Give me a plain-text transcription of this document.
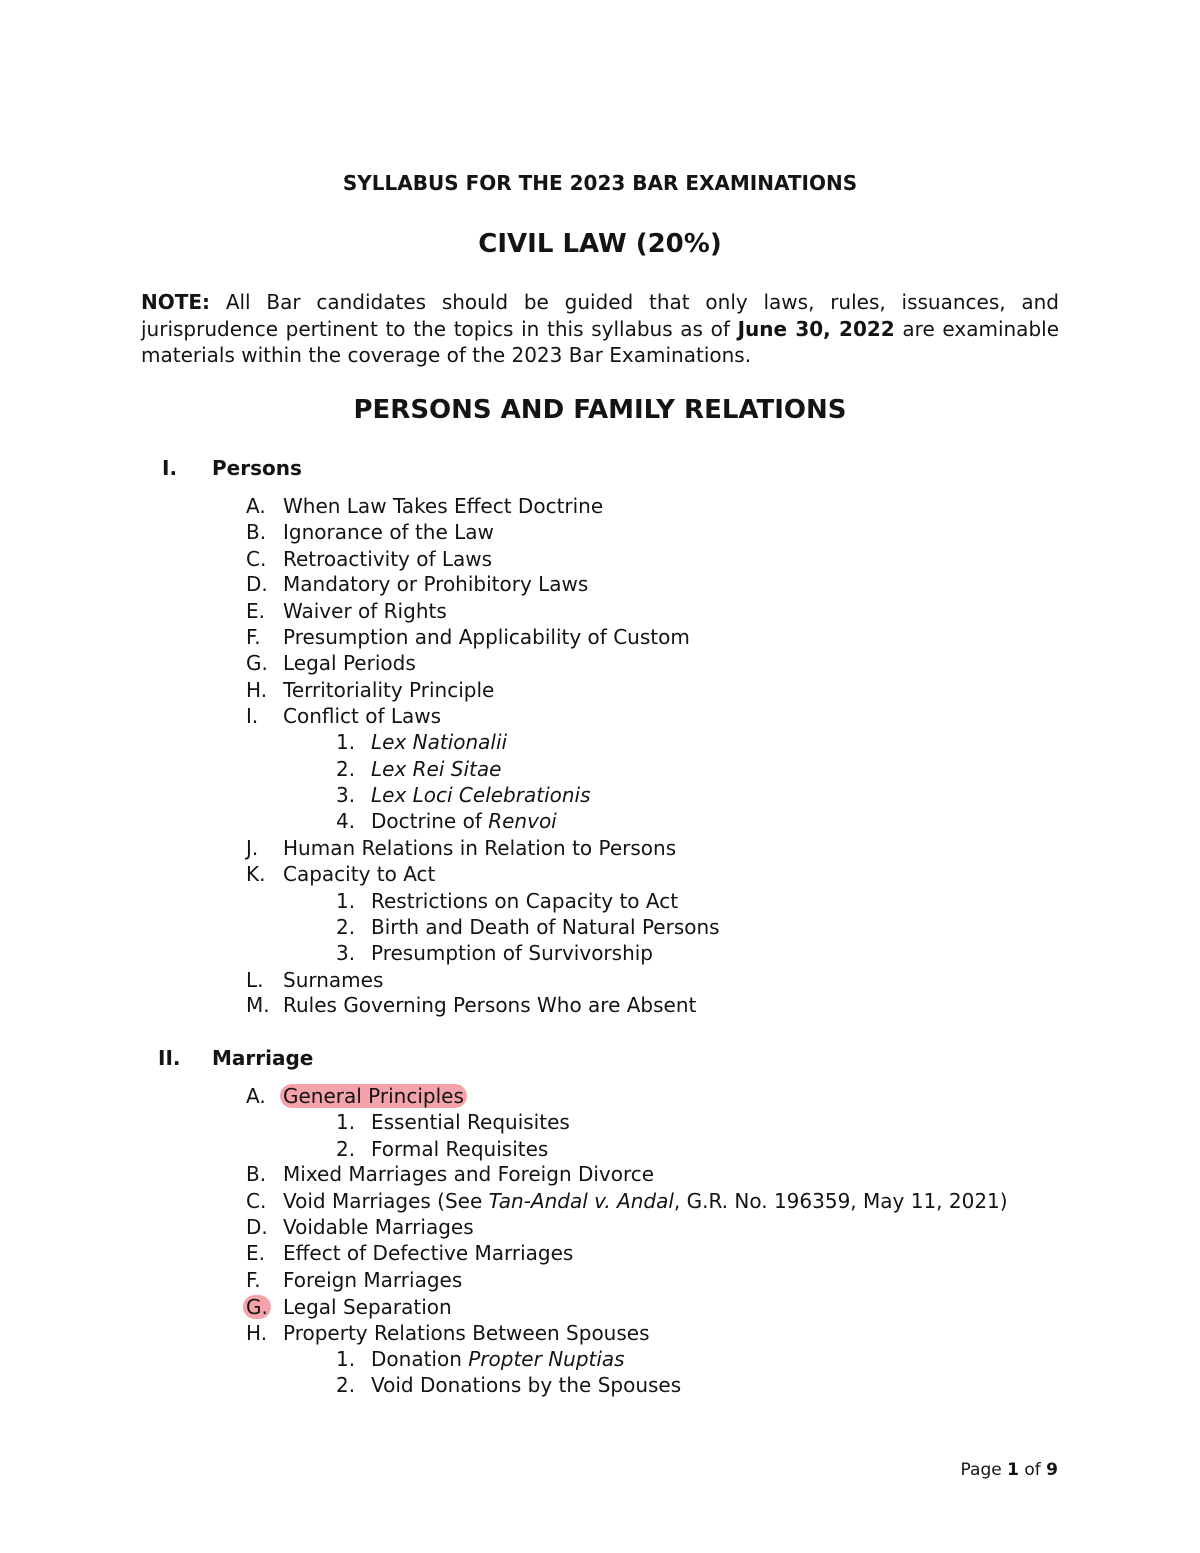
SYLLABUS FOR THE 2023 BAR EXAMINATIONS
CIVIL LAW (20%)
NOTE: All Bar candidates should be guided that only laws, rules, issuances, and jurisprudence pertinent to the topics in this syllabus as of June 30, 2022 are examinable materials within the coverage of the 2023 Bar Examinations.
PERSONS AND FAMILY RELATIONS
I. Persons
A. When Law Takes Effect Doctrine
B. Ignorance of the Law
C. Retroactivity of Laws
D. Mandatory or Prohibitory Laws
E. Waiver of Rights
F. Presumption and Applicability of Custom
G. Legal Periods
H. Territoriality Principle
I. Conflict of Laws
1. Lex Nationalii
2. Lex Rei Sitae
3. Lex Loci Celebrationis
4. Doctrine of Renvoi
J. Human Relations in Relation to Persons
K. Capacity to Act
1. Restrictions on Capacity to Act
2. Birth and Death of Natural Persons
3. Presumption of Survivorship
L. Surnames
M. Rules Governing Persons Who are Absent
II. Marriage
A. General Principles
1. Essential Requisites
2. Formal Requisites
B. Mixed Marriages and Foreign Divorce
C. Void Marriages (See Tan-Andal v. Andal, G.R. No. 196359, May 11, 2021)
D. Voidable Marriages
E. Effect of Defective Marriages
F. Foreign Marriages
G. Legal Separation
H. Property Relations Between Spouses
1. Donation Propter Nuptias
2. Void Donations by the Spouses
Page 1 of 9
